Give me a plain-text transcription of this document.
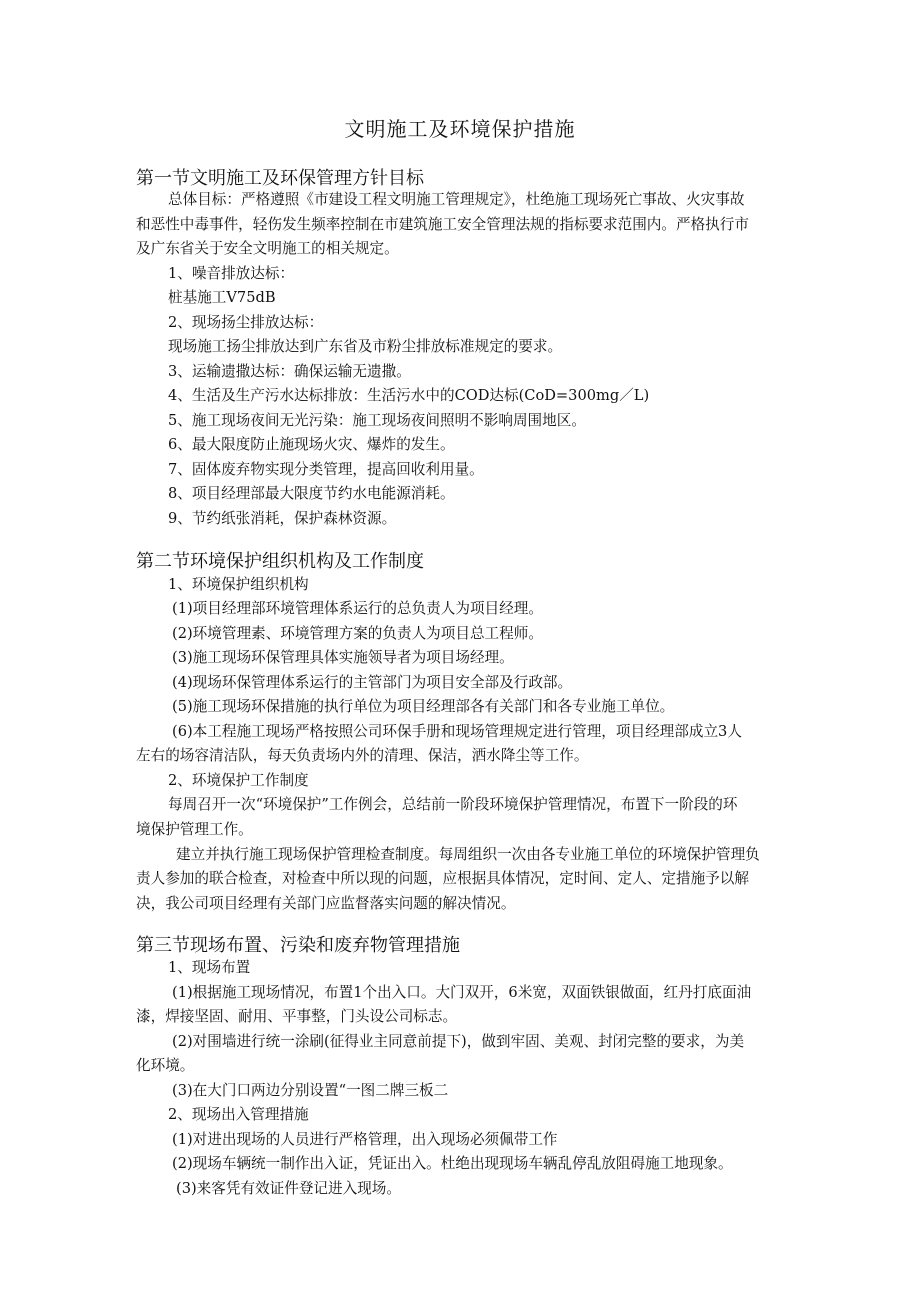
文明施工及环境保护措施
第一节文明施工及环保管理方针目标

总体目标：严格遵照《市建设工程文明施工管理规定》，杜绝施工现场死亡事故、火灾事故

和恶性中毒事件，轻伤发生频率控制在市建筑施工安全管理法规的指标要求范围内。严格执行市

及广东省关于安全文明施工的相关规定。

1、噪音排放达标：

桩基施工V75dB

2、现场扬尘排放达标：

现场施工扬尘排放达到广东省及市粉尘排放标准规定的要求。

3、运输遗撒达标：确保运输无遗撒。

4、生活及生产污水达标排放：生活污水中的COD达标(CoD=300mg／L)

5、施工现场夜间无光污染：施工现场夜间照明不影响周围地区。

6、最大限度防止施现场火灾、爆炸的发生。

7、固体废弃物实现分类管理，提高回收利用量。

8、项目经理部最大限度节约水电能源消耗。

9、节约纸张消耗，保护森林资源。

第二节环境保护组织机构及工作制度

1、环境保护组织机构

(1)项目经理部环境管理体系运行的总负责人为项目经理。

(2)环境管理素、环境管理方案的负责人为项目总工程师。

(3)施工现场环保管理具体实施领导者为项目场经理。

(4)现场环保管理体系运行的主管部门为项目安全部及行政部。

(5)施工现场环保措施的执行单位为项目经理部各有关部门和各专业施工单位。

(6)本工程施工现场严格按照公司环保手册和现场管理规定进行管理，项目经理部成立3人

左右的场容清洁队，每天负责场内外的清理、保洁，洒水降尘等工作。

2、环境保护工作制度

每周召开一次“环境保护”工作例会，总结前一阶段环境保护管理情况，布置下一阶段的环

境保护管理工作。

建立并执行施工现场保护管理检查制度。每周组织一次由各专业施工单位的环境保护管理负

责人参加的联合检查，对检查中所以现的问题，应根据具体情况，定时间、定人、定措施予以解

决，我公司项目经理有关部门应监督落实问题的解决情况。

第三节现场布置、污染和废弃物管理措施

1、现场布置

(1)根据施工现场情况，布置1个出入口。大门双开，6米宽，双面铁银做面，红丹打底面油

漆，焊接坚固、耐用、平事整，门头设公司标志。

(2)对围墙进行统一涂刷(征得业主同意前提下)，做到牢固、美观、封闭完整的要求，为美

化环境。

(3)在大门口两边分别设置“一图二牌三板二

2、现场出入管理措施

(1)对进出现场的人员进行严格管理，出入现场必须佩带工作

(2)现场车辆统一制作出入证，凭证出入。杜绝出现现场车辆乱停乱放阻碍施工地现象。

(3)来客凭有效证件登记进入现场。
